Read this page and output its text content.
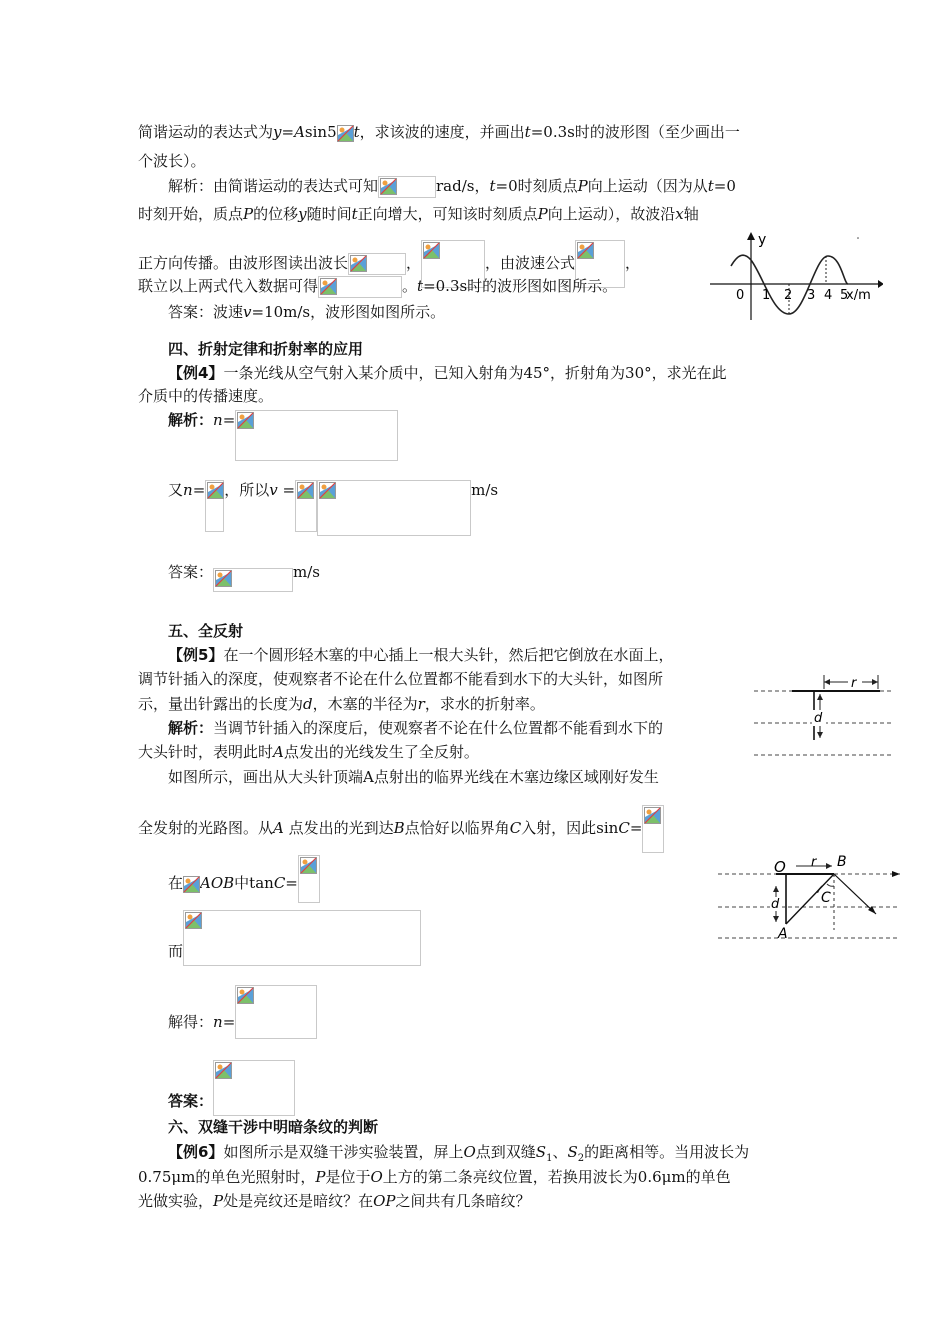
简谐运动的表达式为y=Asin5 t，求该波的速度，并画出t=0.3s时的波形图（至少画出一
个波长）。
解析：由简谐运动的表达式可知	rad/s，t=0时刻质点P向上运动（因为从t=0
时刻开始，质点P的位移y随时间t正向增大，可知该时刻质点P向上运动），故波沿x轴
正方向传播。由波形图读出波长	，	，由波速公式	，
联立以上两式代入数据可得	。t=0.3s时的波形图如图所示。
答案：波速v=10m/s，波形图如图所示。
y
x/m
0 1 2 3 4 5
四、折射定律和折射率的应用
【例4】一条光线从空气射入某介质中，已知入射角为45°，折射角为30°，求光在此
介质中的传播速度。
解析：n=
又n= ，所以v =	m/s
答案：	m/s
五、全反射
【例5】在一个圆形轻木塞的中心插上一根大头针，然后把它倒放在水面上，
调节针插入的深度，使观察者不论在什么位置都不能看到水下的大头针，如图所
示，量出针露出的长度为d，木塞的半径为r，求水的折射率。
解析：当调节针插入的深度后，使观察者不论在什么位置都不能看到水下的
大头针时，表明此时A点发出的光线发生了全反射。
如图所示，画出从大头针顶端A点射出的临界光线在木塞边缘区域刚好发生
全发射的光路图。从A 点发出的光到达B点恰好以临界角C入射，因此sinC=
在 AOB中tanC=
而
解得：n=
答案：
r
d
O r B
d	C
A
六、双缝干涉中明暗条纹的判断
【例6】如图所示是双缝干涉实验装置，屏上O点到双缝$S_1$、$S_2$的距离相等。当用波长为
0.75μm的单色光照射时，P是位于O上方的第二条亮纹位置，若换用波长为0.6μm的单色
光做实验，P处是亮纹还是暗纹？在OP之间共有几条暗纹？
